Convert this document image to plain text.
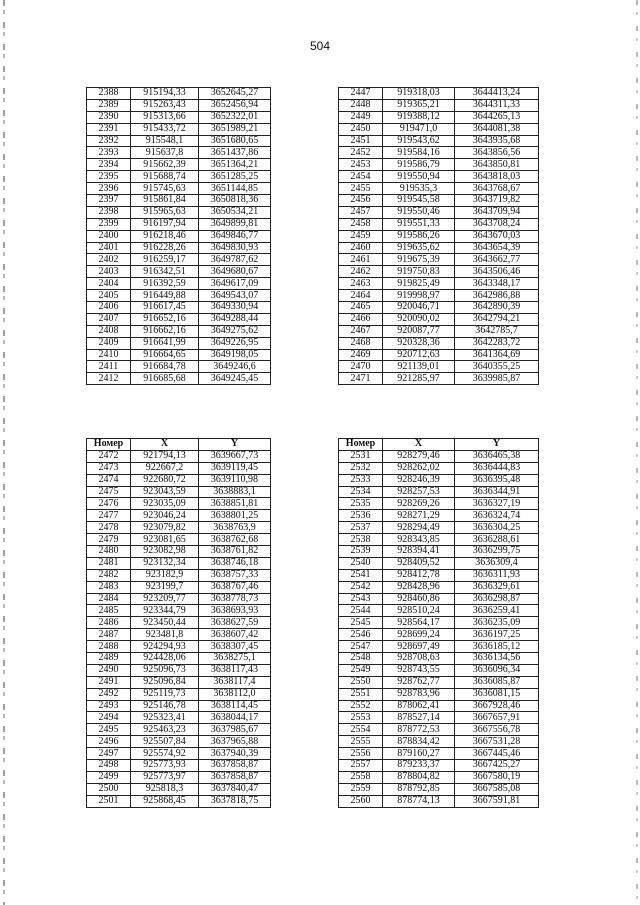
504
2388	915194,33	3652645,27
2389	915263,43	3652456,94
2390	915313,66	3652322,01
2391	915433,72	3651989,21
2392	915548,1	3651680,65
2393	915637,8	3651437,86
2394	915662,39	3651364,21
2395	915688,74	3651285,25
2396	915745,63	3651144,85
2397	915861,84	3650818,36
2398	915965,63	3650534,21
2399	916197,94	3649899,81
2400	916218,46	3649846,77
2401	916228,26	3649830,93
2402	916259,17	3649787,62
2403	916342,51	3649680,67
2404	916392,59	3649617,09
2405	916449,88	3649543,07
2406	916617,45	3649330,94
2407	916652,16	3649288,44
2408	916662,16	3649275,62
2409	916641,99	3649226,95
2410	916664,65	3649198,05
2411	916684,78	3649246,6
2412	916685,68	3649245,45
2447	919318,03	3644413,24
2448	919365,21	3644311,33
2449	919388,12	3644265,13
2450	919471,0	3644081,38
2451	919543,62	3643935,68
2452	919584,16	3643856,56
2453	919586,79	3643850,81
2454	919550,94	3643818,03
2455	919535,3	3643768,67
2456	919545,58	3643719,82
2457	919550,46	3643709,94
2458	919551,33	3643708,24
2459	919586,26	3643670,03
2460	919635,62	3643654,39
2461	919675,39	3643662,77
2462	919750,83	3643506,46
2463	919825,49	3643348,17
2464	919998,97	3642986,88
2465	920046,71	3642890,39
2466	920090,02	3642794,21
2467	920087,77	3642785,7
2468	920328,36	3642283,72
2469	920712,63	3641364,69
2470	921139,01	3640355,25
2471	921285,97	3639985,87
Номер	X	Y
2472	921794,13	3639667,73
2473	922667,2	3639119,45
2474	922680,72	3639110,98
2475	923043,59	3638883,1
2476	923035,09	3638851,81
2477	923046,24	3638801,25
2478	923079,82	3638763,9
2479	923081,65	3638762,68
2480	923082,98	3638761,82
2481	923132,34	3638746,18
2482	923182,9	3638757,33
2483	923199,7	3638767,46
2484	923209,77	3638778,73
2485	923344,79	3638693,93
2486	923450,44	3638627,59
2487	923481,8	3638607,42
2488	924294,93	3638307,45
2489	924428,06	3638275,1
2490	925096,73	3638117,43
2491	925096,84	3638117,4
2492	925119,73	3638112,0
2493	925146,78	3638114,45
2494	925323,41	3638044,17
2495	925463,23	3637985,67
2496	925507,84	3637965,88
2497	925574,92	3637940,39
2498	925773,93	3637858,87
2499	925773,97	3637858,87
2500	925818,3	3637840,47
2501	925868,45	3637818,75
Номер	X	Y
2531	928279,46	3636465,38
2532	928262,02	3636444,83
2533	928246,39	3636395,48
2534	928257,53	3636344,91
2535	928269,26	3636327,19
2536	928271,29	3636324,74
2537	928294,49	3636304,25
2538	928343,85	3636288,61
2539	928394,41	3636299,75
2540	928409,52	3636309,4
2541	928412,78	3636311,93
2542	928428,96	3636329,61
2543	928460,86	3636298,87
2544	928510,24	3636259,41
2545	928564,17	3636235,09
2546	928699,24	3636197,25
2547	928697,49	3636185,12
2548	928708,63	3636134,56
2549	928743,55	3636096,34
2550	928762,77	3636085,87
2551	928783,96	3636081,15
2552	878062,41	3667928,46
2553	878527,14	3667657,91
2554	878772,53	3667556,78
2555	878834,42	3667531,28
2556	879160,27	3667445,46
2557	879233,37	3667425,27
2558	878804,82	3667580,19
2559	878792,85	3667585,08
2560	878774,13	3667591,81
